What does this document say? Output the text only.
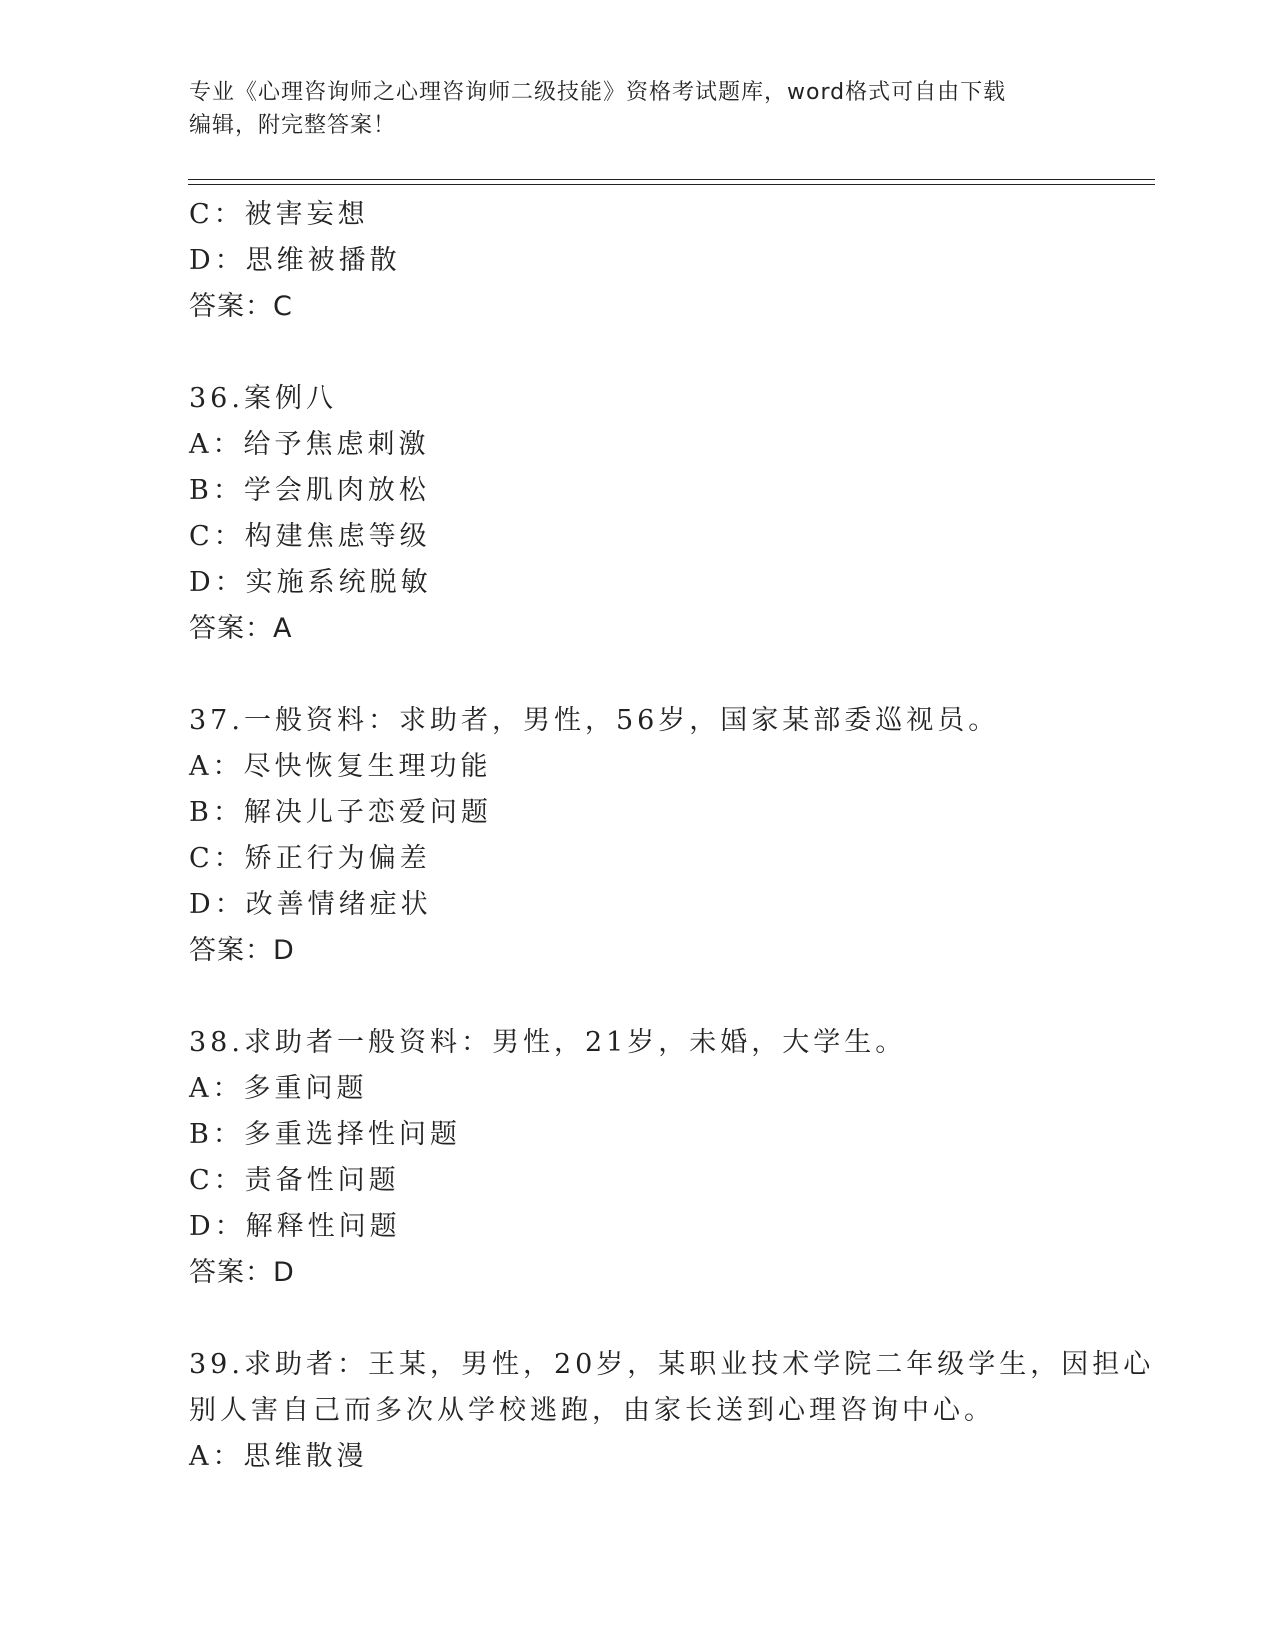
专业《心理咨询师之心理咨询师二级技能》资格考试题库，word格式可自由下载
编辑，附完整答案！
C：被害妄想
D：思维被播散
答案：C
36.案例八
A：给予焦虑刺激
B：学会肌肉放松
C：构建焦虑等级
D：实施系统脱敏
答案：A
37.一般资料：求助者，男性，56岁，国家某部委巡视员。
A：尽快恢复生理功能
B：解决儿子恋爱问题
C：矫正行为偏差
D：改善情绪症状
答案：D
38.求助者一般资料：男性，21岁，未婚，大学生。
A：多重问题
B：多重选择性问题
C：责备性问题
D：解释性问题
答案：D
39.求助者：王某，男性，20岁，某职业技术学院二年级学生，因担心
别人害自己而多次从学校逃跑，由家长送到心理咨询中心。
A：思维散漫
